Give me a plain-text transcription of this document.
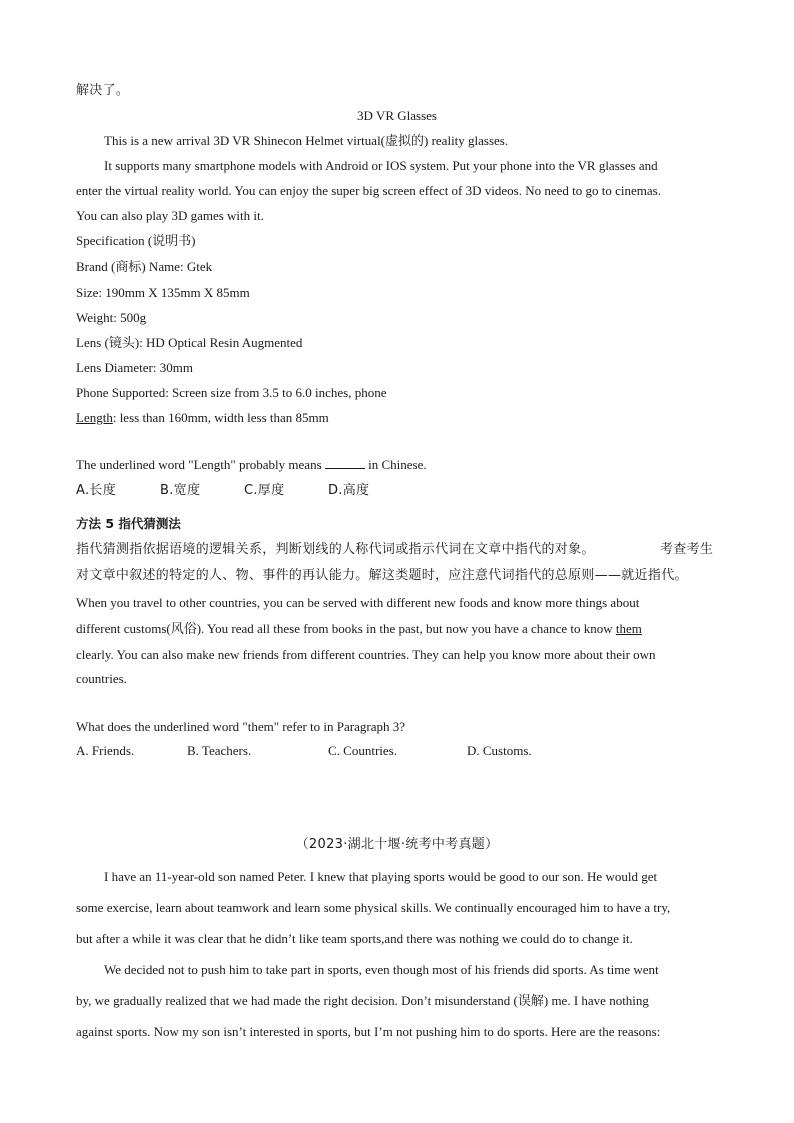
解决了。
3D VR Glasses
This is a new arrival 3D VR Shinecon Helmet virtual(虚拟的) reality glasses.
It supports many smartphone models with Android or IOS system. Put your phone into the VR glasses and
enter the virtual reality world. You can enjoy the super big screen effect of 3D videos. No need to go to cinemas.
You can also play 3D games with it.
Specification (说明书)
Brand (商标) Name: Gtek
Size: 190mm X 135mm X 85mm
Weight: 500g
Lens (镜头): HD Optical Resin Augmented
Lens Diameter: 30mm
Phone Supported: Screen size from 3.5 to 6.0 inches, phone
Length: less than 160mm, width less than 85mm
The underlined word "Length" probably means	in Chinese.
A.长度	B.宽度	C.厚度	D.高度
方法 5 指代猜测法
指代猜测指依据语境的逻辑关系，判断划线的人称代词或指示代词在文章中指代的对象。	考查考生
对文章中叙述的特定的人、物、事件的再认能力。解这类题时，应注意代词指代的总原则——就近指代。
When you travel to other countries, you can be served with different new foods and know more things about
different customs(风俗). You read all these from books in the past, but now you have a chance to know them
clearly. You can also make new friends from different countries. They can help you know more about their own
countries.
What does the underlined word "them" refer to in Paragraph 3?
A. Friends.	B. Teachers.	C. Countries.	D. Customs.
（2023·湖北十堰·统考中考真题）
I have an 11-year-old son named Peter. I knew that playing sports would be good to our son. He would get
some exercise, learn about teamwork and learn some physical skills. We continually encouraged him to have a try,
but after a while it was clear that he didn’t like team sports,and there was nothing we could do to change it.
We decided not to push him to take part in sports, even though most of his friends did sports. As time went
by, we gradually realized that we had made the right decision. Don’t misunderstand (误解) me. I have nothing
against sports. Now my son isn’t interested in sports, but I’m not pushing him to do sports. Here are the reasons:
